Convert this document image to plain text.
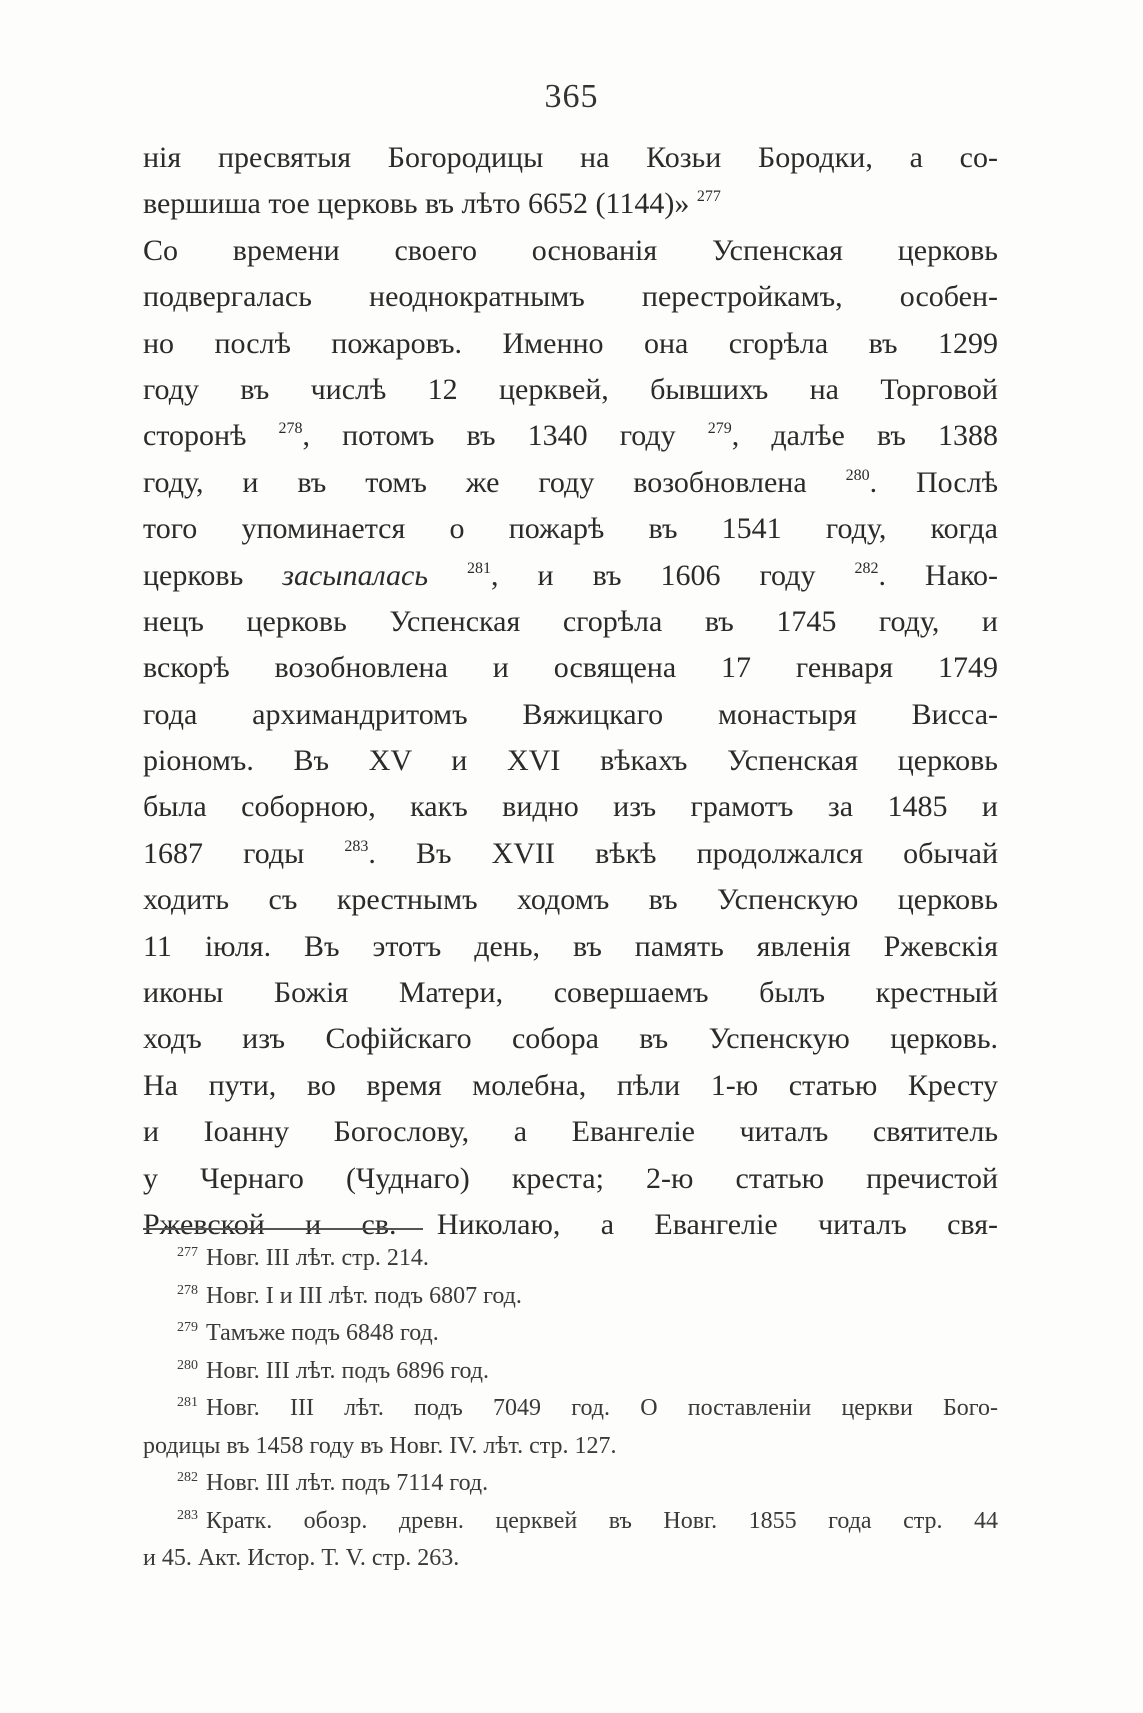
365
нія пресвятыя Богородицы на Козьи Бородки, а со-
вершиша тое церковь въ лѣто 6652 (1144)» $^{277}$
Со времени своего основанія Успенская церковь
подвергалась неоднократнымъ перестройкамъ, особен-
но послѣ пожаровъ. Именно она сгорѣла въ 1299
году въ числѣ 12 церквей, бывшихъ на Торговой
сторонѣ $^{278}$, потомъ въ 1340 году $^{279}$, далѣе въ 1388
году, и въ томъ же году возобновлена $^{280}$. Послѣ
того упоминается о пожарѣ въ 1541 году, когда
церковь засыпалась $^{281}$, и въ 1606 году $^{282}$. Нако-
нецъ церковь Успенская сгорѣла въ 1745 году, и
вскорѣ возобновлена и освящена 17 генваря 1749
года архимандритомъ Вяжицкаго монастыря Висса-
ріономъ. Въ XV и XVI вѣкахъ Успенская церковь
была соборною, какъ видно изъ грамотъ за 1485 и
1687 годы $^{283}$. Въ XVII вѣкѣ продолжался обычай
ходить съ крестнымъ ходомъ въ Успенскую церковь
11 іюля. Въ этотъ день, въ память явленія Ржевскія
иконы Божія Матери, совершаемъ былъ крестный
ходъ изъ Софійскаго собора въ Успенскую церковь.
На пути, во время молебна, пѣли 1-ю статью Кресту
и Іоанну Богослову, а Евангеліе читалъ святитель
у Чернаго (Чуднаго) креста; 2-ю статью пречистой
Ржевской и св. Николаю, а Евангеліе читалъ свя-
$^{277}$ Новг. III лѣт. стр. 214.
$^{278}$ Новг. I и III лѣт. подъ 6807 год.
$^{279}$ Тамъже подъ 6848 год.
$^{280}$ Новг. III лѣт. подъ 6896 год.
$^{281}$ Новг. III лѣт. подъ 7049 год. О поставленіи церкви Бого-
родицы въ 1458 году въ Новг. IV. лѣт. стр. 127.
$^{282}$ Новг. III лѣт. подъ 7114 год.
$^{283}$ Кратк. обозр. древн. церквей въ Новг. 1855 года стр. 44
и 45. Акт. Истор. Т. V. стр. 263.
